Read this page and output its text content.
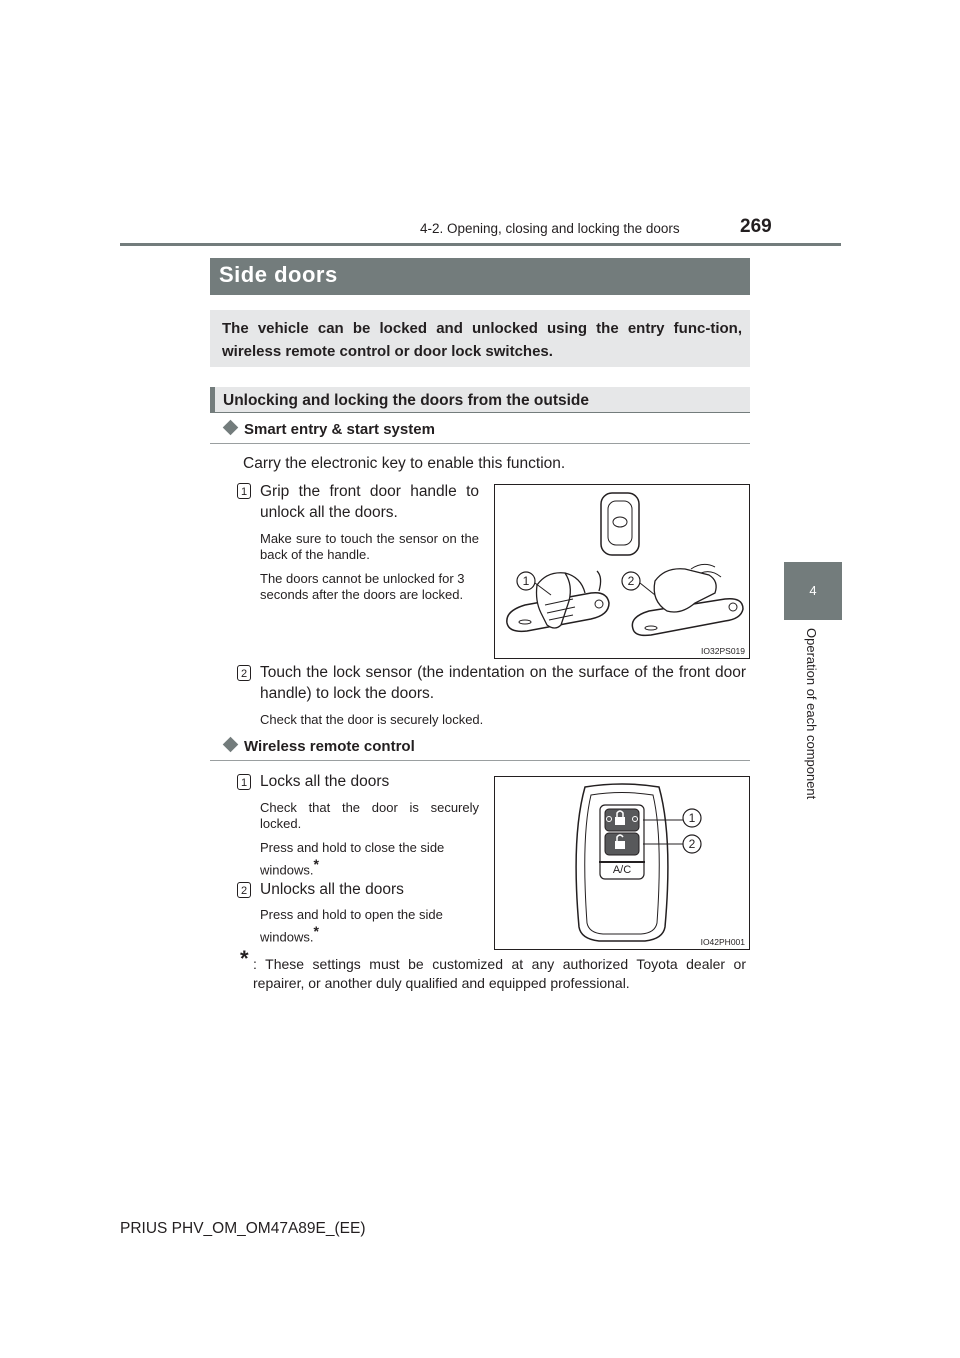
4-2. Opening, closing and locking the doors	269
4
Operation of each component
Side doors
The vehicle can be locked and unlocked using the entry func-tion, wireless remote control or door lock switches.
Unlocking and locking the doors from the outside
Smart entry & start system
Carry the electronic key to enable this function.
1 Grip the front door handle to unlock all the doors.
Make sure to touch the sensor on the back of the handle.
The doors cannot be unlocked for 3 seconds after the doors are locked.
1	2
IO32PS019
2 Touch the lock sensor (the indentation on the surface of the front door handle) to lock the doors.
Check that the door is securely locked.
Wireless remote control
1 Locks all the doors
Check that the door is securely locked.
Press and hold to close the side windows.*
2 Unlocks all the doors
Press and hold to open the side windows.*
A/C
1
2
IO42PH001
* : These settings must be customized at any authorized Toyota dealer or repairer, or another duly qualified and equipped professional.
PRIUS PHV_OM_OM47A89E_(EE)
